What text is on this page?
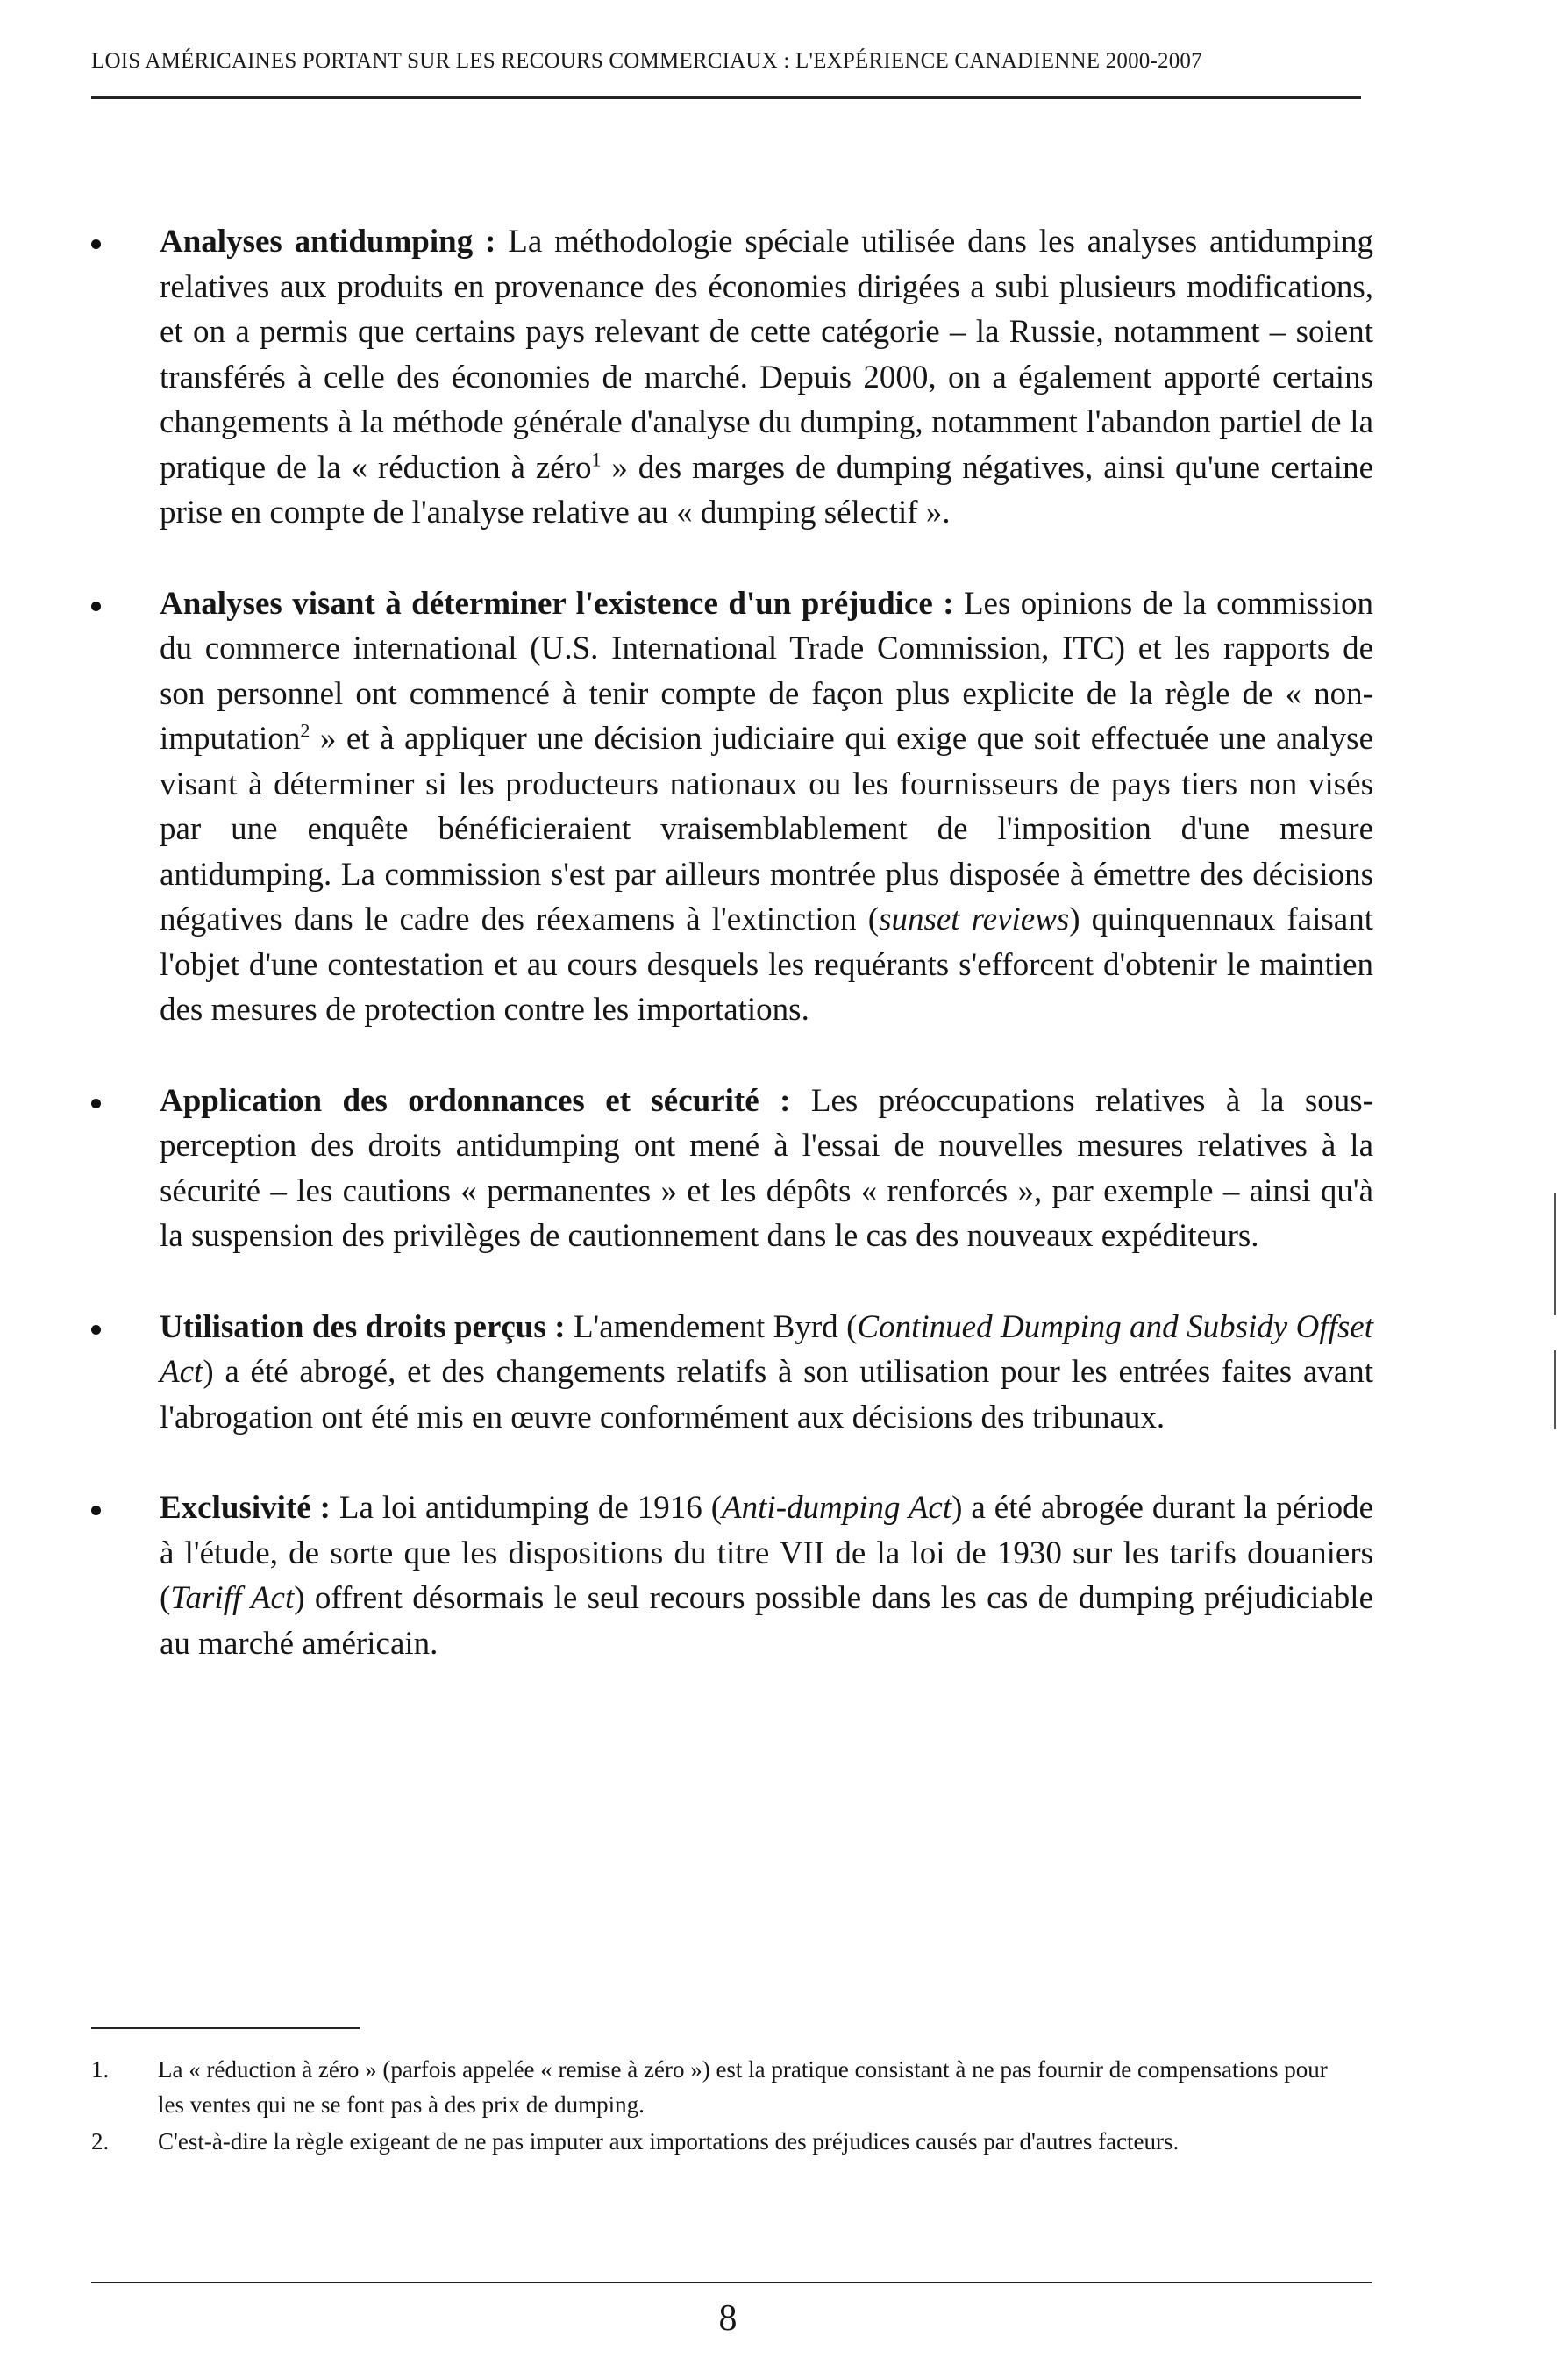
LOIS AMÉRICAINES PORTANT SUR LES RECOURS COMMERCIAUX : L'EXPÉRIENCE CANADIENNE 2000-2007
Analyses antidumping : La méthodologie spéciale utilisée dans les analyses antidumping relatives aux produits en provenance des économies dirigées a subi plusieurs modifications, et on a permis que certains pays relevant de cette catégorie – la Russie, notamment – soient transférés à celle des économies de marché. Depuis 2000, on a également apporté certains changements à la méthode générale d'analyse du dumping, notamment l'abandon partiel de la pratique de la « réduction à zéro$^1$ » des marges de dumping négatives, ainsi qu'une certaine prise en compte de l'analyse relative au « dumping sélectif ».
Analyses visant à déterminer l'existence d'un préjudice : Les opinions de la commission du commerce international (U.S. International Trade Commission, ITC) et les rapports de son personnel ont commencé à tenir compte de façon plus explicite de la règle de « non-imputation$^2$ » et à appliquer une décision judiciaire qui exige que soit effectuée une analyse visant à déterminer si les producteurs nationaux ou les fournisseurs de pays tiers non visés par une enquête bénéficieraient vraisemblablement de l'imposition d'une mesure antidumping. La commission s'est par ailleurs montrée plus disposée à émettre des décisions négatives dans le cadre des réexamens à l'extinction (sunset reviews) quinquennaux faisant l'objet d'une contestation et au cours desquels les requérants s'efforcent d'obtenir le maintien des mesures de protection contre les importations.
Application des ordonnances et sécurité : Les préoccupations relatives à la sous-perception des droits antidumping ont mené à l'essai de nouvelles mesures relatives à la sécurité – les cautions « permanentes » et les dépôts « renforcés », par exemple – ainsi qu'à la suspension des privilèges de cautionnement dans le cas des nouveaux expéditeurs.
Utilisation des droits perçus : L'amendement Byrd (Continued Dumping and Subsidy Offset Act) a été abrogé, et des changements relatifs à son utilisation pour les entrées faites avant l'abrogation ont été mis en œuvre conformément aux décisions des tribunaux.
Exclusivité : La loi antidumping de 1916 (Anti-dumping Act) a été abrogée durant la période à l'étude, de sorte que les dispositions du titre VII de la loi de 1930 sur les tarifs douaniers (Tariff Act) offrent désormais le seul recours possible dans les cas de dumping préjudiciable au marché américain.
1. La « réduction à zéro » (parfois appelée « remise à zéro ») est la pratique consistant à ne pas fournir de compensations pour les ventes qui ne se font pas à des prix de dumping.
2. C'est-à-dire la règle exigeant de ne pas imputer aux importations des préjudices causés par d'autres facteurs.
8
